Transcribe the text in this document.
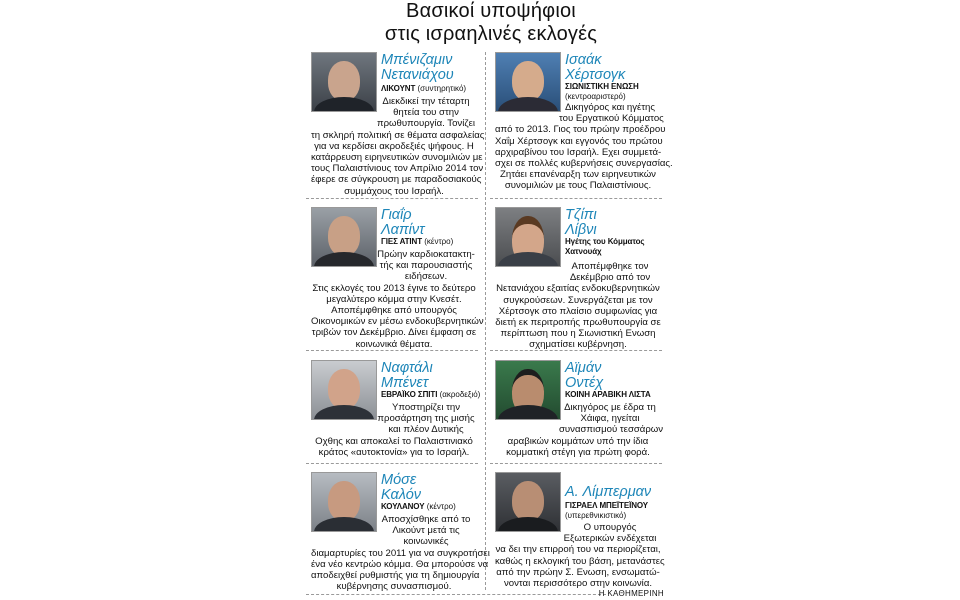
Βασικοί υποψήφιοι
στις ισραηλινές εκλογές
Μπένιζαμιν
Νετανιάχου
ΛΙΚΟΥΝΤ (συντηρητικό)
Διεκδικεί την τέταρτη
θητεία του στην
πρωθυπουργία. Τονίζει
τη σκληρή πολιτική σε θέματα ασφαλείας
για να κερδίσει ακροδεξιές ψήφους. Η
κατάρρευση ειρηνευτικών συνομιλιών με
τους Παλαιστίνιους τον Απρίλιο 2014 τον
έφερε σε σύγκρουση με παραδοσιακούς
συμμάχους του Ισραήλ.
Ισαάκ
Χέρτσογκ
ΣΙΩΝΙΣΤΙΚΗ ΕΝΩΣΗ
(κεντροαριστερό)
Δικηγόρος και ηγέτης
του Εργατικού Κόμματος
από το 2013. Γιος του πρώην προέδρου
Χαΐμ Χέρτσογκ και εγγονός του πρώτου
αρχιραβίνου του Ισραήλ. Εχει συμμετά-
σχει σε πολλές κυβερνήσεις συνεργασίας.
Ζητάει επανέναρξη των ειρηνευτικών
συνομιλιών με τους Παλαιστίνιους.
Γιαΐρ
Λαπίντ
ΓΙΕΣ ΑΤΙΝΤ (κέντρο)
Πρώην καρδιοκατακτη-
τής και παρουσιαστής
ειδήσεων.
Στις εκλογές του 2013 έγινε το δεύτερο
μεγαλύτερο κόμμα στην Κνεσέτ.
Αποπέμφθηκε από υπουργός
Οικονομικών εν μέσω ενδοκυβερνητικών
τριβών τον Δεκέμβριο. Δίνει έμφαση σε
κοινωνικά θέματα.
Τζίπι
Λίβνι
Ηγέτης του Κόμματος Χατνουάχ
Αποπέμφθηκε τον
Δεκέμβριο από τον
Νετανιάχου εξαιτίας ενδοκυβερνητικών
συγκρούσεων. Συνεργάζεται με τον
Χέρτσογκ στο πλαίσιο συμφωνίας για
διετή εκ περιτροπής πρωθυπουργία σε
περίπτωση που η Σιωνιστική Ενωση
σχηματίσει κυβέρνηση.
Ναφτάλι
Μπένετ
ΕΒΡΑΪΚΟ ΣΠΙΤΙ (ακροδεξιό)
Υποστηρίζει την
προσάρτηση της μισής
και πλέον Δυτικής
Οχθης και αποκαλεί το Παλαιστινιακό
κράτος «αυτοκτονία» για το Ισραήλ.
Αϊμάν
Οντέχ
ΚΟΙΝΗ ΑΡΑΒΙΚΗ ΛΙΣΤΑ
Δικηγόρος με έδρα τη
Χάιφα, ηγείται
συνασπισμού τεσσάρων
αραβικών κομμάτων υπό την ίδια
κομματική στέγη για πρώτη φορά.
Μόσε
Καλόν
ΚΟΥΛΑΝΟΥ (κέντρο)
Αποσχίσθηκε από το
Λικούντ μετά τις
κοινωνικές
διαμαρτυρίες του 2011 για να συγκροτήσει
ένα νέο κεντρώο κόμμα. Θα μπορούσε να
αποδειχθεί ρυθμιστής για τη δημιουργία
κυβέρνησης συνασπισμού.
Α. Λίμπερμαν
ΓΙΣΡΑΕΛ ΜΠΕΪΤΕΪΝΟΥ
(υπερεθνικιστικό)
Ο υπουργός
Εξωτερικών ενδέχεται
να δει την επιρροή του να περιορίζεται,
καθώς η εκλογική του βάση, μετανάστες
από την πρώην Σ. Ενωση, ενσωματώ-
νονται περισσότερο στην κοινωνία.
Η ΚΑΘΗΜΕΡΙΝΗ
